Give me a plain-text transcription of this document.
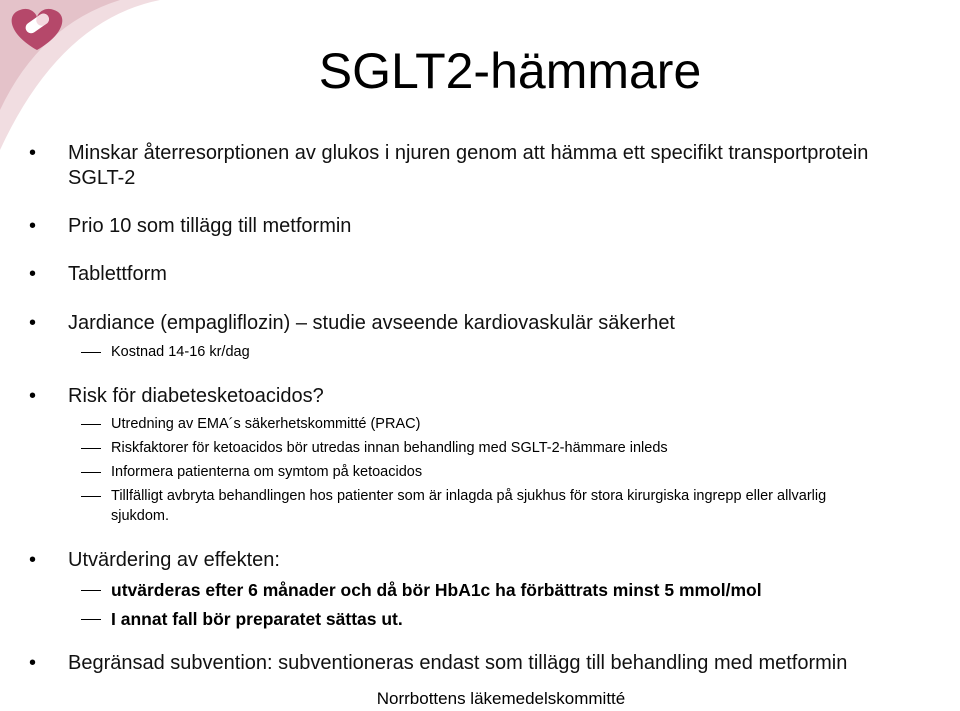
SGLT2-hämmare
• Minskar återresorptionen av glukos i njuren genom att hämma ett specifikt transportprotein
SGLT-2
• Prio 10 som tillägg till metformin
• Tablettform
• Jardiance (empagliflozin) – studie avseende kardiovaskulär säkerhet
Kostnad 14-16 kr/dag
• Risk för diabetesketoacidos?
Utredning av EMA´s säkerhetskommitté (PRAC)
Riskfaktorer för ketoacidos bör utredas innan behandling med SGLT-2-hämmare inleds
Informera patienterna om symtom på ketoacidos
Tillfälligt avbryta behandlingen hos patienter som är inlagda på sjukhus för stora kirurgiska ingrepp eller allvarlig
sjukdom.
• Utvärdering av effekten:
utvärderas efter 6 månader och då bör HbA1c ha förbättrats minst 5 mmol/mol
I annat fall bör preparatet sättas ut.
• Begränsad subvention: subventioneras endast som tillägg till behandling med metformin
Norrbottens läkemedelskommitté
